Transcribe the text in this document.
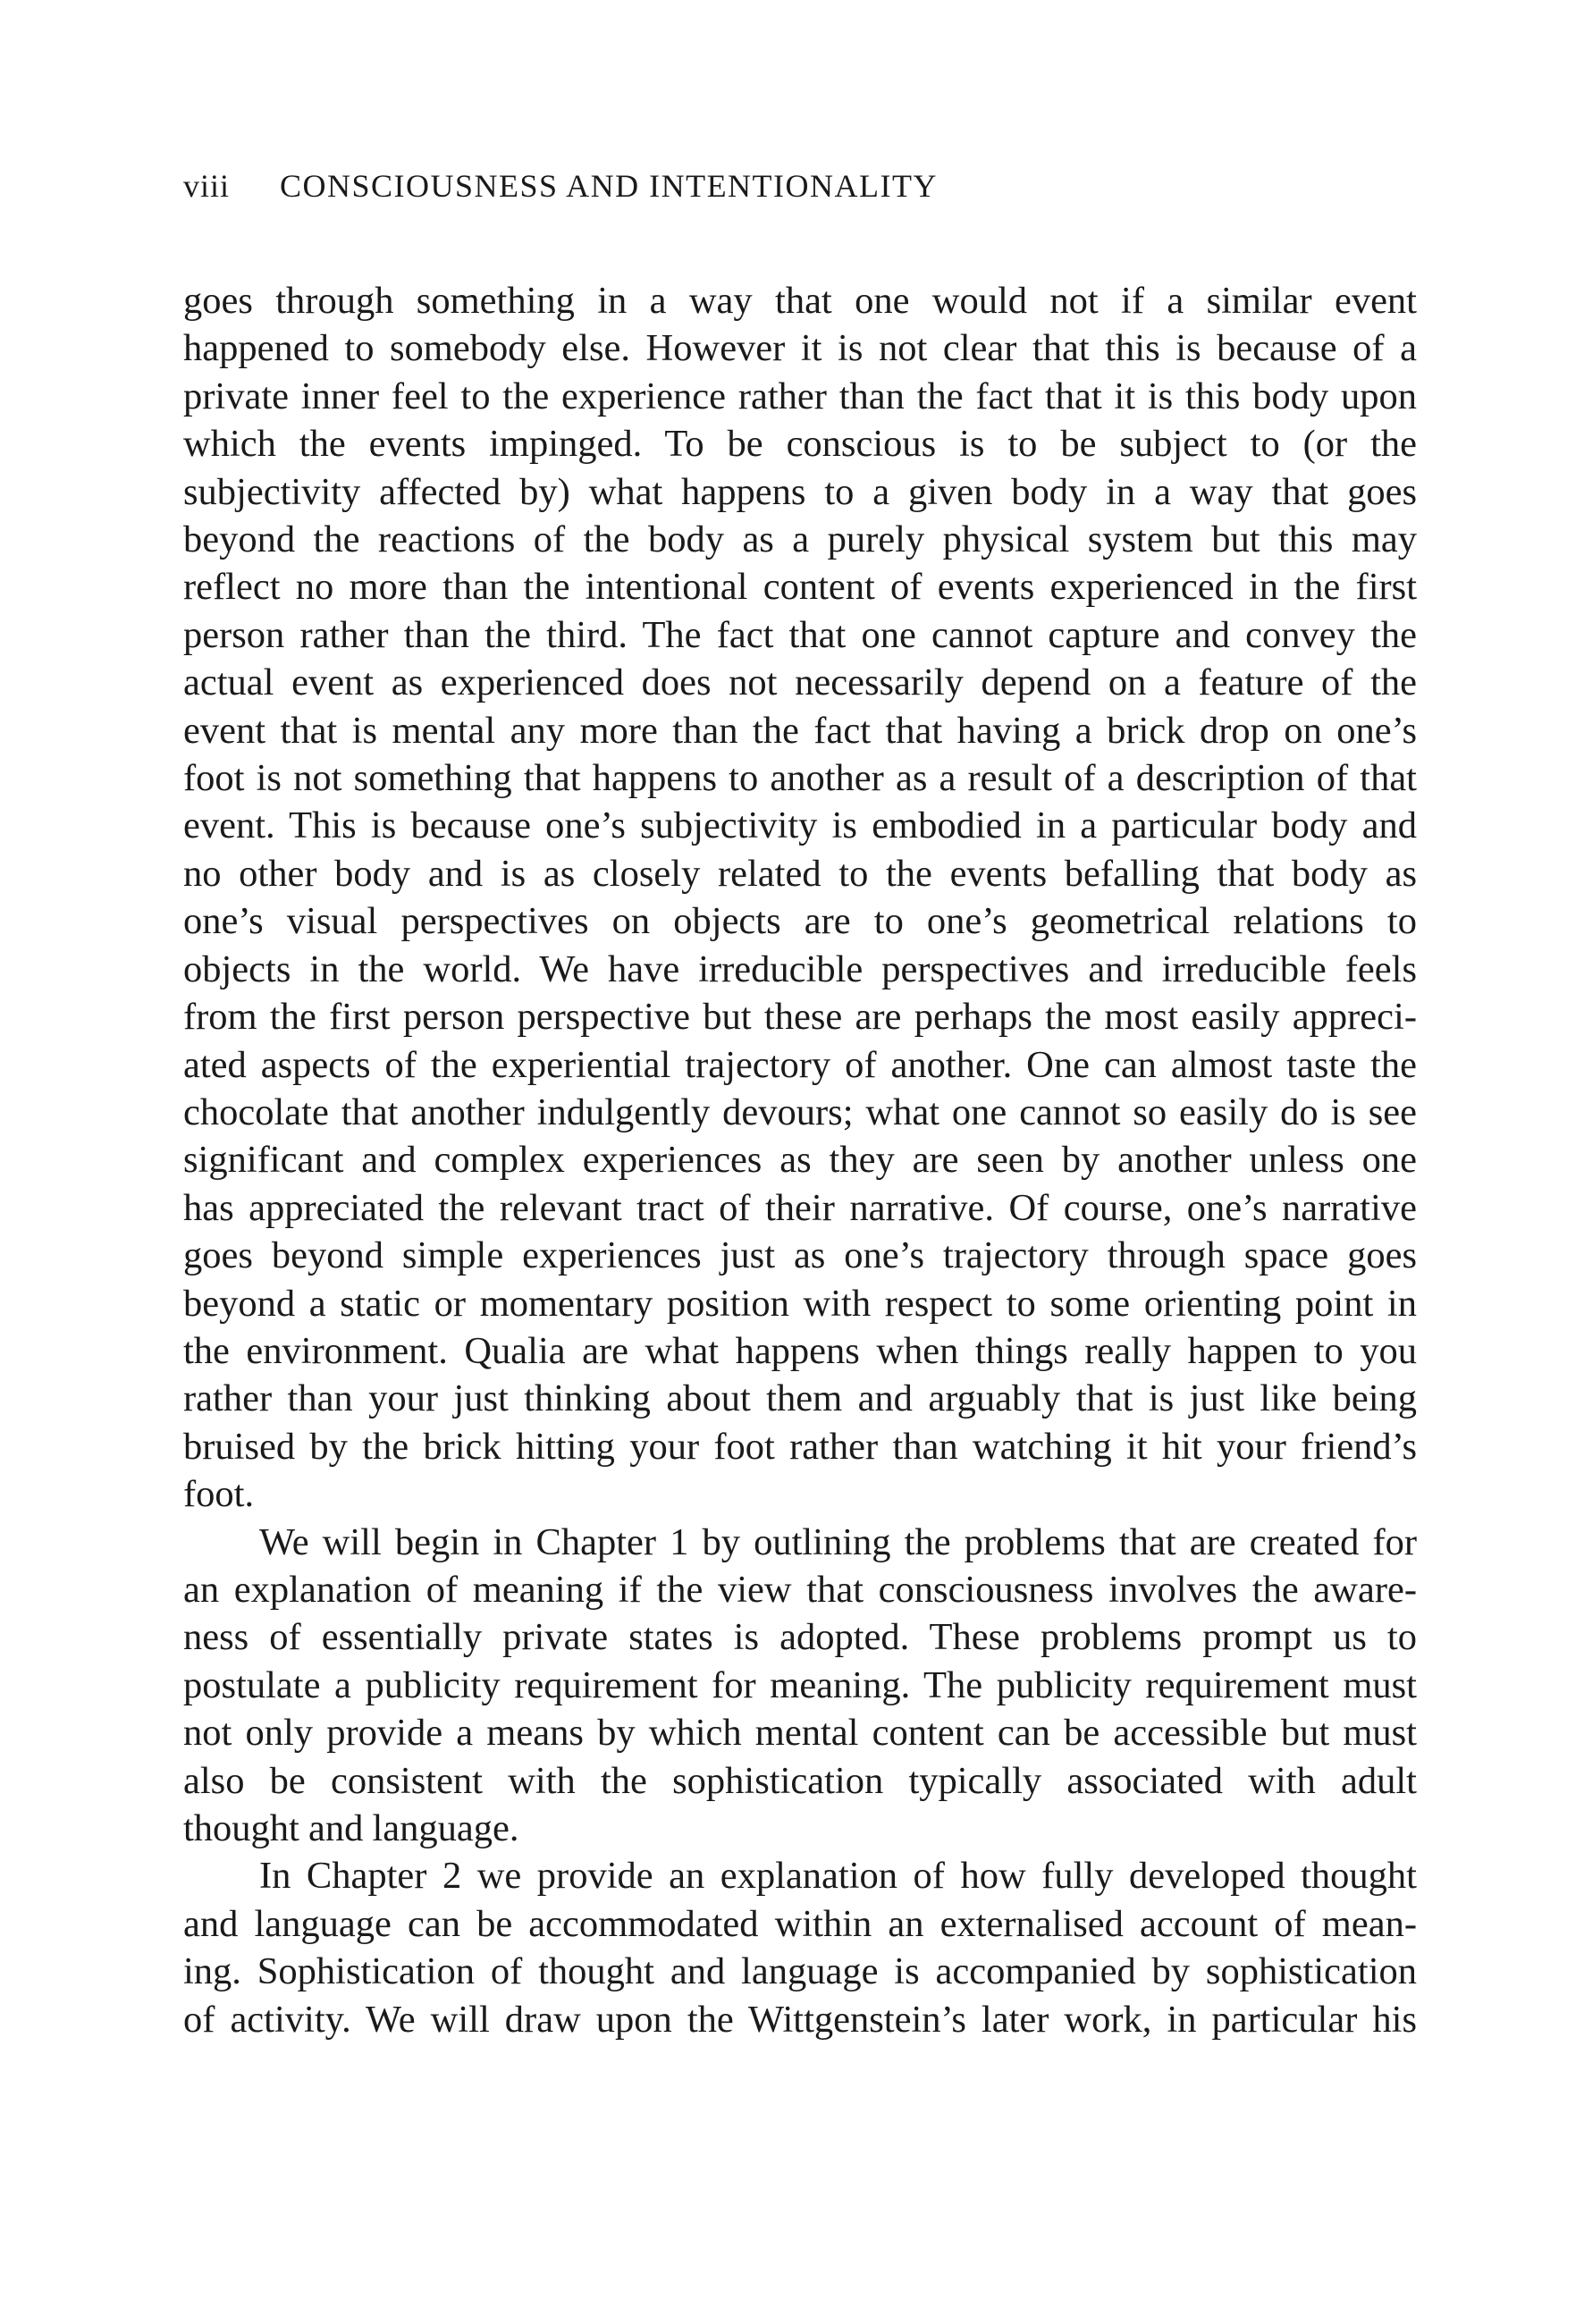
viii CONSCIOUSNESS AND INTENTIONALITY

goes through something in a way that one would not if a similar event
happened to somebody else. However it is not clear that this is because of a
private inner feel to the experience rather than the fact that it is this body upon
which the events impinged. To be conscious is to be subject to (or the
subjectivity affected by) what happens to a given body in a way that goes
beyond the reactions of the body as a purely physical system but this may
reflect no more than the intentional content of events experienced in the first
person rather than the third. The fact that one cannot capture and convey the
actual event as experienced does not necessarily depend on a feature of the
event that is mental any more than the fact that having a brick drop on one’s
foot is not something that happens to another as a result of a description of that
event. This is because one’s subjectivity is embodied in a particular body and
no other body and is as closely related to the events befalling that body as
one’s visual perspectives on objects are to one’s geometrical relations to
objects in the world. We have irreducible perspectives and irreducible feels
from the first person perspective but these are perhaps the most easily appreci-
ated aspects of the experiential trajectory of another. One can almost taste the
chocolate that another indulgently devours; what one cannot so easily do is see
significant and complex experiences as they are seen by another unless one
has appreciated the relevant tract of their narrative. Of course, one’s narrative
goes beyond simple experiences just as one’s trajectory through space goes
beyond a static or momentary position with respect to some orienting point in
the environment. Qualia are what happens when things really happen to you
rather than your just thinking about them and arguably that is just like being
bruised by the brick hitting your foot rather than watching it hit your friend’s
foot.

We will begin in Chapter 1 by outlining the problems that are created for
an explanation of meaning if the view that consciousness involves the aware-
ness of essentially private states is adopted. These problems prompt us to
postulate a publicity requirement for meaning. The publicity requirement must
not only provide a means by which mental content can be accessible but must
also be consistent with the sophistication typically associated with adult
thought and language.

In Chapter 2 we provide an explanation of how fully developed thought
and language can be accommodated within an externalised account of mean-
ing. Sophistication of thought and language is accompanied by sophistication
of activity. We will draw upon the Wittgenstein’s later work, in particular his
